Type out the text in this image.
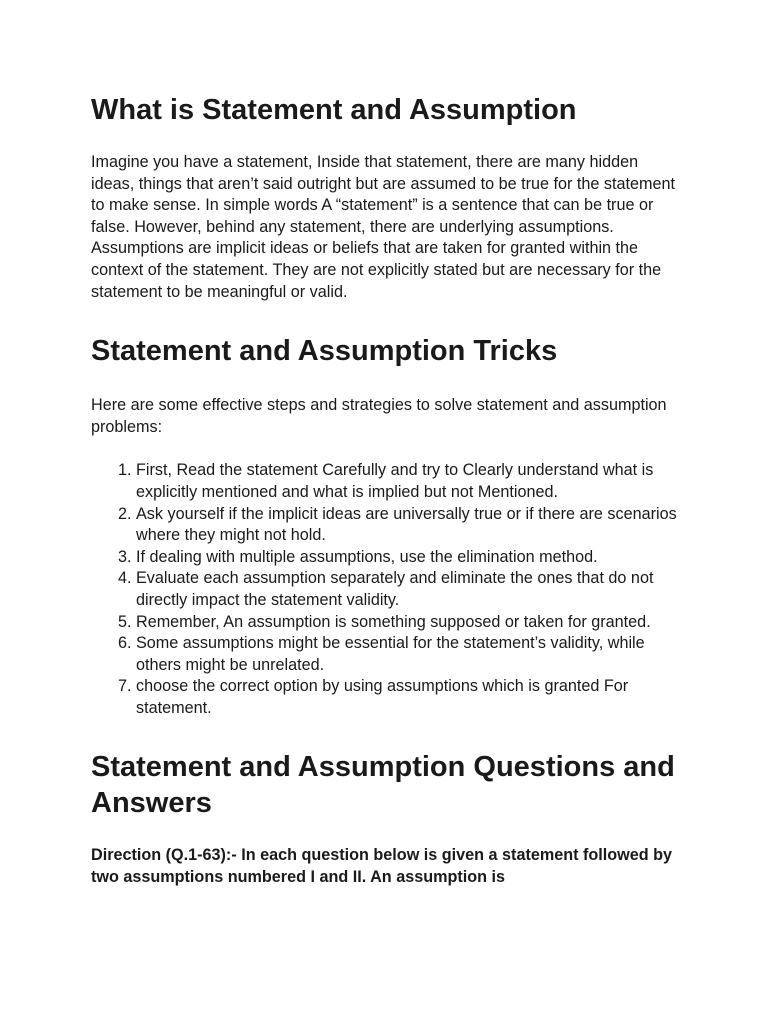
What is Statement and Assumption

Imagine you have a statement, Inside that statement, there are many hidden ideas, things that aren’t said outright but are assumed to be true for the statement to make sense. In simple words A “statement” is a sentence that can be true or false. However, behind any statement, there are underlying assumptions. Assumptions are implicit ideas or beliefs that are taken for granted within the context of the statement. They are not explicitly stated but are necessary for the statement to be meaningful or valid.

Statement and Assumption Tricks

Here are some effective steps and strategies to solve statement and assumption problems:

1. First, Read the statement Carefully and try to Clearly understand what is explicitly mentioned and what is implied but not Mentioned.
2. Ask yourself if the implicit ideas are universally true or if there are scenarios where they might not hold.
3. If dealing with multiple assumptions, use the elimination method.
4. Evaluate each assumption separately and eliminate the ones that do not directly impact the statement validity.
5. Remember, An assumption is something supposed or taken for granted.
6. Some assumptions might be essential for the statement’s validity, while others might be unrelated.
7. choose the correct option by using assumptions which is granted For statement.
Statement and Assumption Questions and Answers

Direction (Q.1-63):- In each question below is given a statement followed by two assumptions numbered I and II. An assumption is
